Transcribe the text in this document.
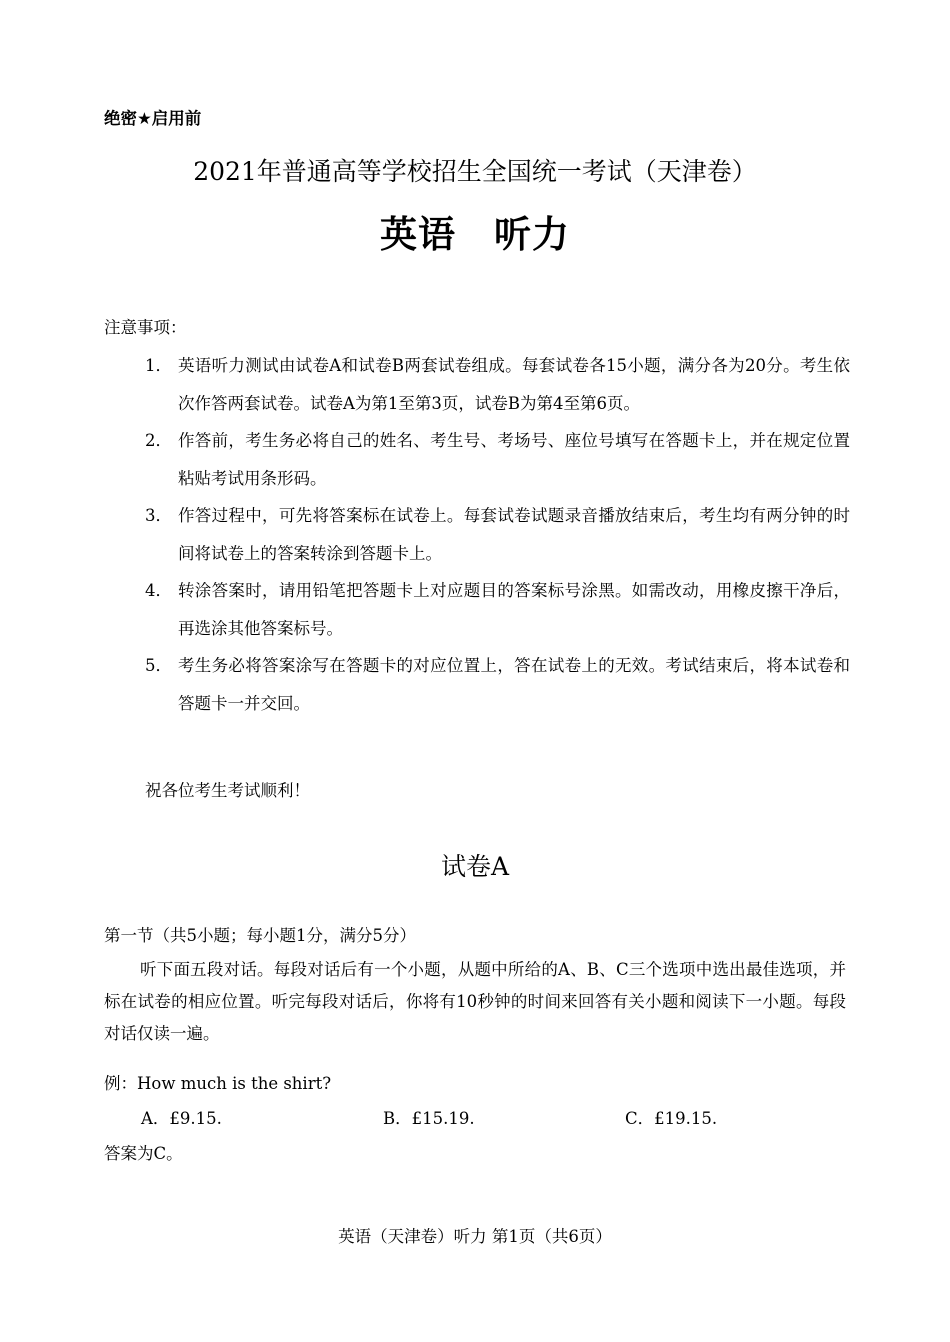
绝密★启用前
2021年普通高等学校招生全国统一考试（天津卷）
英语　听力
注意事项：
1． 英语听力测试由试卷A和试卷B两套试卷组成。每套试卷各15小题，满分各为20分。考生依次作答两套试卷。试卷A为第1至第3页，试卷B为第4至第6页。
2． 作答前，考生务必将自己的姓名、考生号、考场号、座位号填写在答题卡上，并在规定位置粘贴考试用条形码。
3． 作答过程中，可先将答案标在试卷上。每套试卷试题录音播放结束后，考生均有两分钟的时间将试卷上的答案转涂到答题卡上。
4． 转涂答案时，请用铅笔把答题卡上对应题目的答案标号涂黑。如需改动，用橡皮擦干净后，再选涂其他答案标号。
5． 考生务必将答案涂写在答题卡的对应位置上，答在试卷上的无效。考试结束后，将本试卷和答题卡一并交回。
祝各位考生考试顺利！
试卷A
第一节（共5小题；每小题1分，满分5分）
听下面五段对话。每段对话后有一个小题，从题中所给的A、B、C三个选项中选出最佳选项，并标在试卷的相应位置。听完每段对话后，你将有10秒钟的时间来回答有关小题和阅读下一小题。每段对话仅读一遍。
例：How much is the shirt?
A．£9.15.	B．£15.19.	C．£19.15.
答案为C。
英语（天津卷）听力 第1页（共6页）
